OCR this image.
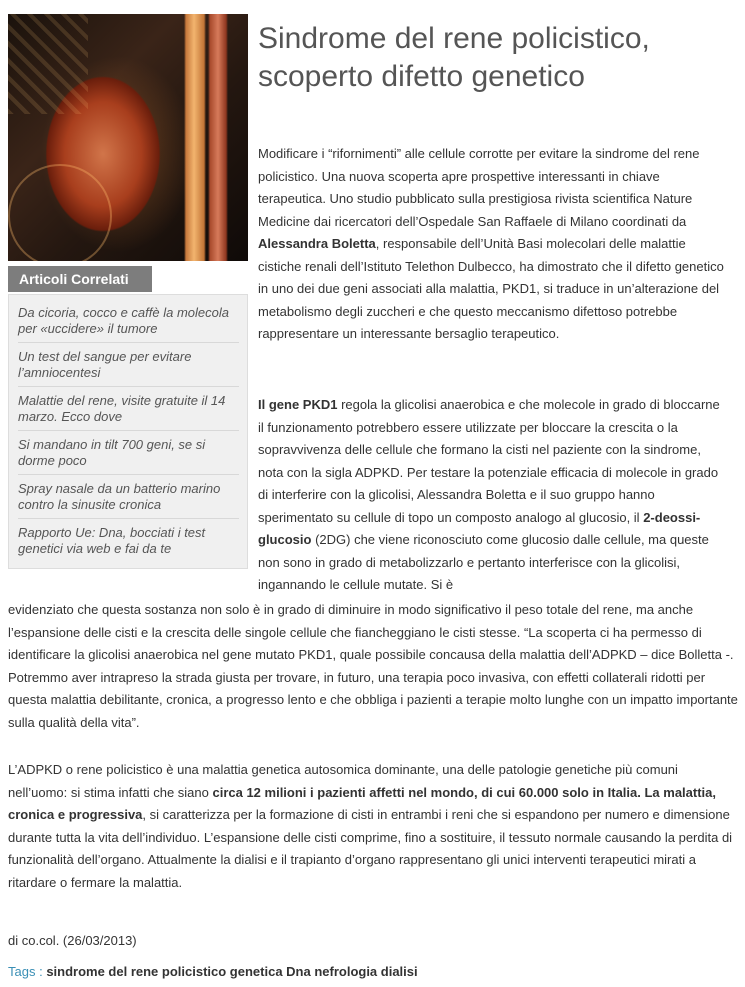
Articoli Correlati
Da cicoria, cocco e caffè la molecola per «uccidere» il tumore
Un test del sangue per evitare l’amniocentesi
Malattie del rene, visite gratuite il 14 marzo. Ecco dove
Si mandano in tilt 700 geni, se si dorme poco
Spray nasale da un batterio marino contro la sinusite cronica
Rapporto Ue: Dna, bocciati i test genetici via web e fai da te
Sindrome del rene policistico, scoperto difetto genetico
Modificare i “rifornimenti” alle cellule corrotte per evitare la sindrome del rene policistico. Una nuova scoperta apre prospettive interessanti in chiave terapeutica. Uno studio pubblicato sulla prestigiosa rivista scientifica Nature Medicine dai ricercatori dell’Ospedale San Raffaele di Milano coordinati da Alessandra Boletta, responsabile dell’Unità Basi molecolari delle malattie cistiche renali dell’Istituto Telethon Dulbecco, ha dimostrato che il difetto genetico in uno dei due geni associati alla malattia, PKD1, si traduce in un’alterazione del metabolismo degli zuccheri e che questo meccanismo difettoso potrebbe rappresentare un interessante bersaglio terapeutico.
Il gene PKD1 regola la glicolisi anaerobica e che molecole in grado di bloccarne il funzionamento potrebbero essere utilizzate per bloccare la crescita o la sopravvivenza delle cellule che formano la cisti nel paziente con la sindrome, nota con la sigla ADPKD. Per testare la potenziale efficacia di molecole in grado di interferire con la glicolisi, Alessandra Boletta e il suo gruppo hanno sperimentato su cellule di topo un composto analogo al glucosio, il 2-deossi-glucosio (2DG) che viene riconosciuto come glucosio dalle cellule, ma queste non sono in grado di metabolizzarlo e pertanto interferisce con la glicolisi, ingannando le cellule mutate. Si è
evidenziato che questa sostanza non solo è in grado di diminuire in modo significativo il peso totale del rene, ma anche l’espansione delle cisti e la crescita delle singole cellule che fiancheggiano le cisti stesse. “La scoperta ci ha permesso di identificare la glicolisi anaerobica nel gene mutato PKD1, quale possibile concausa della malattia dell’ADPKD – dice Bolletta -. Potremmo aver intrapreso la strada giusta per trovare, in futuro, una terapia poco invasiva, con effetti collaterali ridotti per questa malattia debilitante, cronica, a progresso lento e che obbliga i pazienti a terapie molto lunghe con un impatto importante sulla qualità della vita”.
L’ADPKD o rene policistico è una malattia genetica autosomica dominante, una delle patologie genetiche più comuni nell’uomo: si stima infatti che siano circa 12 milioni i pazienti affetti nel mondo, di cui 60.000 solo in Italia. La malattia, cronica e progressiva, si caratterizza per la formazione di cisti in entrambi i reni che si espandono per numero e dimensione durante tutta la vita dell’individuo. L’espansione delle cisti comprime, fino a sostituire, il tessuto normale causando la perdita di funzionalità dell’organo. Attualmente la dialisi e il trapianto d’organo rappresentano gli unici interventi terapeutici mirati a ritardare o fermare la malattia.
di co.col. (26/03/2013)
Tags : sindrome del rene policistico genetica Dna nefrologia dialisi
